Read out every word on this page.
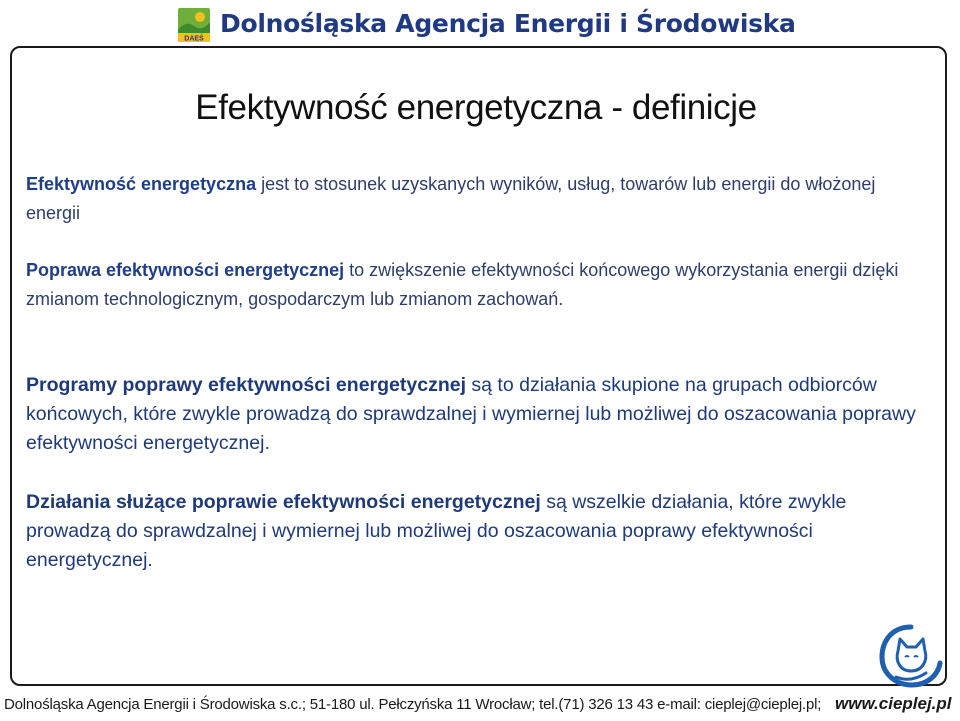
DAEŚ
Dolnośląska Agencja Energii i Środowiska
Efektywność energetyczna - definicje

Efektywność energetyczna jest to stosunek uzyskanych wyników, usług, towarów lub energii do włożonej energii

Poprawa efektywności energetycznej to zwiększenie efektywności końcowego wykorzystania energii dzięki zmianom technologicznym, gospodarczym lub zmianom zachowań.

Programy poprawy efektywności energetycznej są to działania skupione na grupach odbiorców końcowych, które zwykle prowadzą do sprawdzalnej i wymiernej lub możliwej do oszacowania poprawy efektywności energetycznej.

Działania służące poprawie efektywności energetycznej są wszelkie działania, które zwykle prowadzą do sprawdzalnej i wymiernej lub możliwej do oszacowania poprawy efektywności energetycznej.

Dolnośląska Agencja Energii i Środowiska s.c.; 51-180 ul. Pełczyńska 11 Wrocław; tel.(71) 326 13 43 e-mail: cieplej@cieplej.pl; www.cieplej.pl
